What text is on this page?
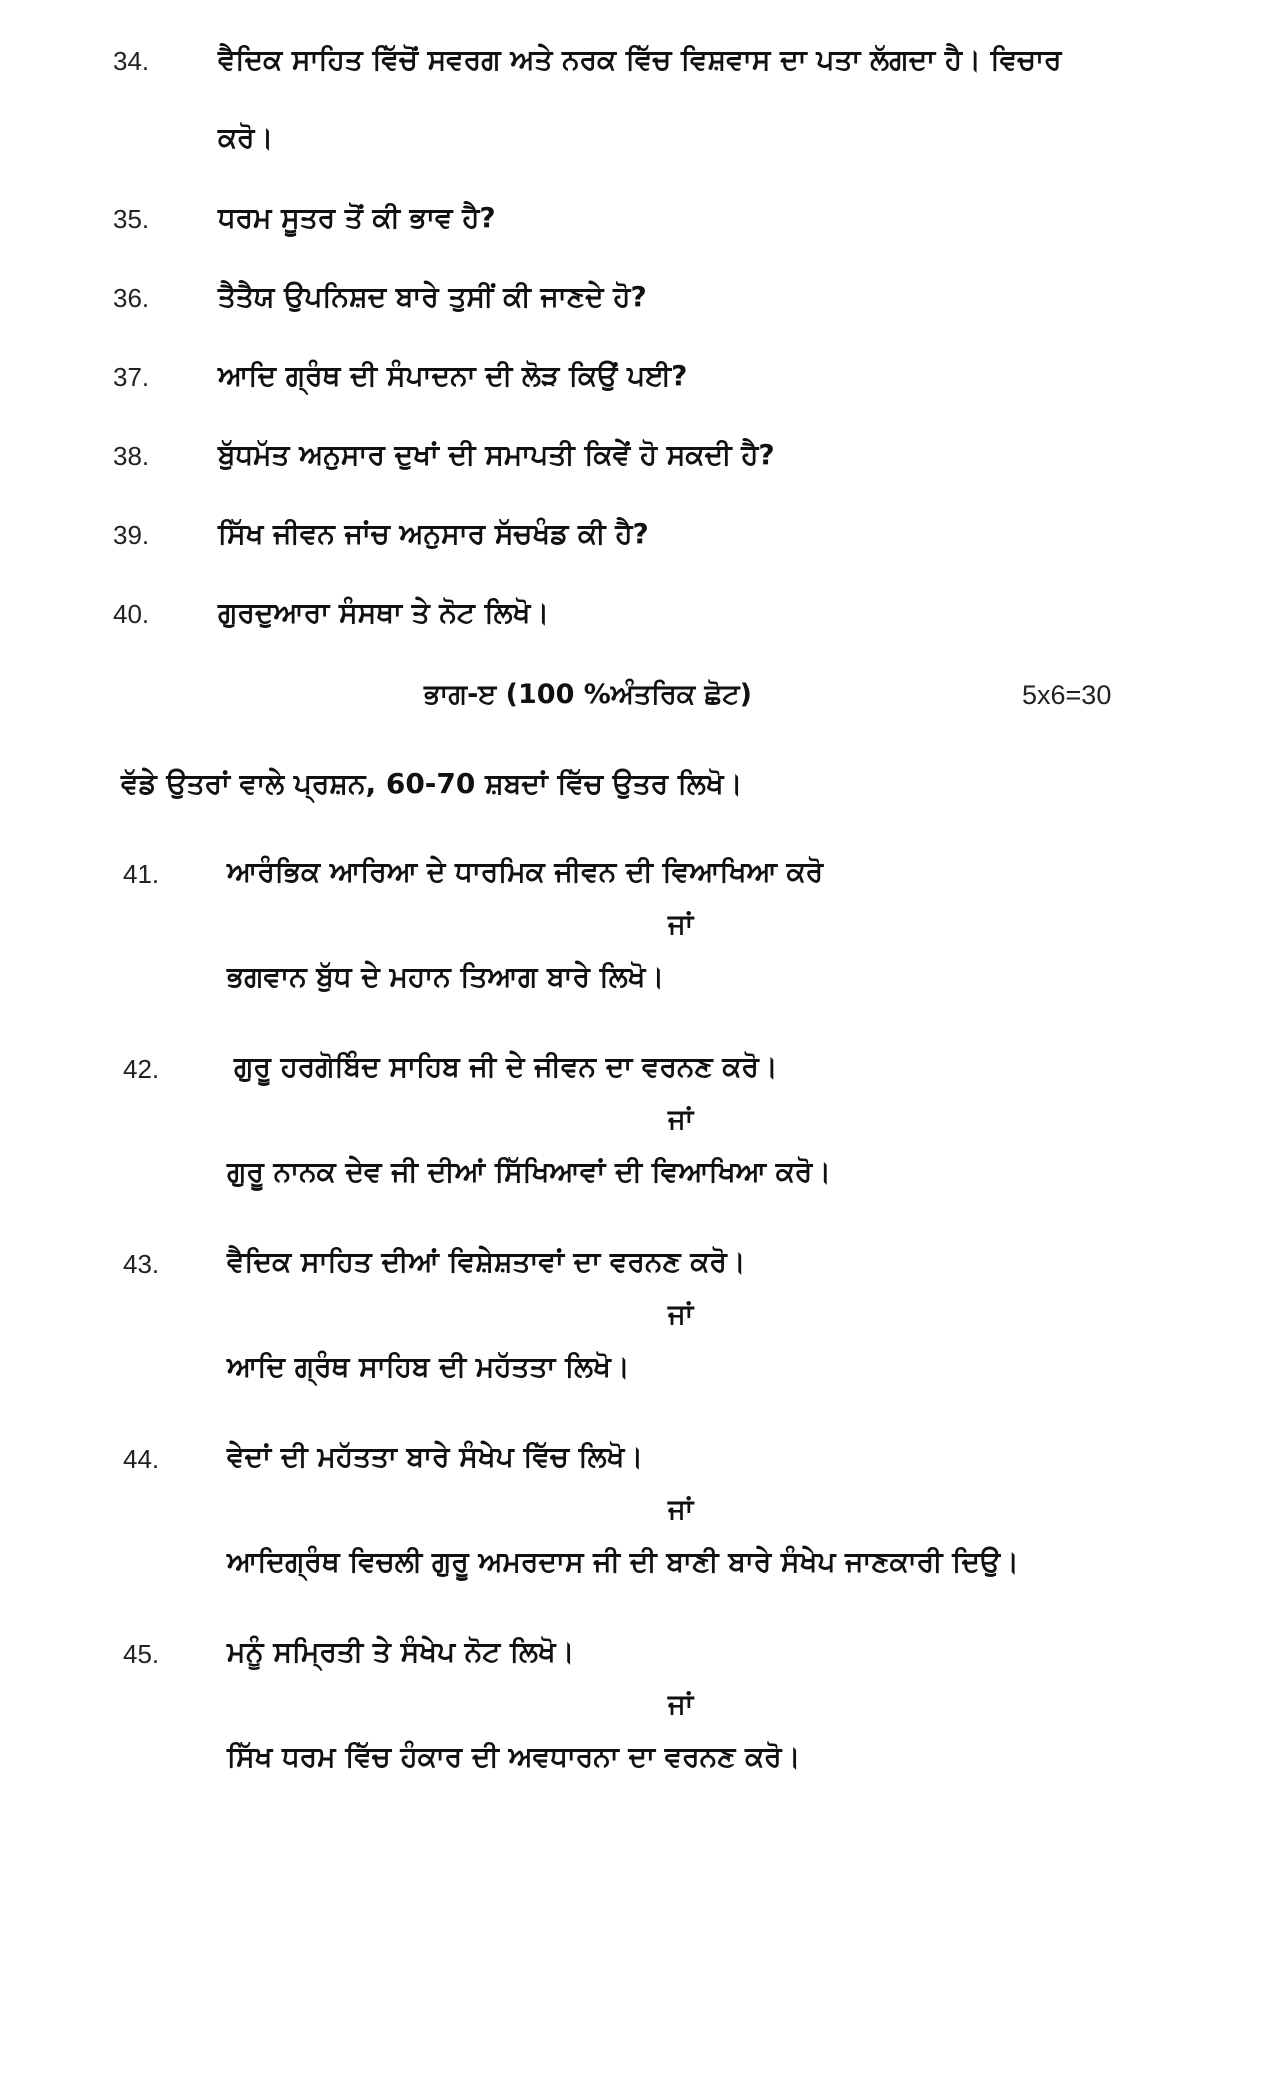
34. ਵੈਦਿਕ ਸਾਹਿਤ ਵਿੱਚੋਂ ਸਵਰਗ ਅਤੇ ਨਰਕ ਵਿੱਚ ਵਿਸ਼ਵਾਸ ਦਾ ਪਤਾ ਲੱਗਦਾ ਹੈ। ਵਿਚਾਰ
ਕਰੋ।
35. ਧਰਮ ਸੂਤਰ ਤੋਂ ਕੀ ਭਾਵ ਹੈ?
36. ਤੈਤੈਯ ਉਪਨਿਸ਼ਦ ਬਾਰੇ ਤੁਸੀਂ ਕੀ ਜਾਣਦੇ ਹੋ?
37. ਆਦਿ ਗ੍ਰੰਥ ਦੀ ਸੰਪਾਦਨਾ ਦੀ ਲੋੜ ਕਿਉਂ ਪਈ?
38. ਬੁੱਧਮੱਤ ਅਨੁਸਾਰ ਦੁਖਾਂ ਦੀ ਸਮਾਪਤੀ ਕਿਵੇਂ ਹੋ ਸਕਦੀ ਹੈ?
39. ਸਿੱਖ ਜੀਵਨ ਜਾਂਚ ਅਨੁਸਾਰ ਸੱਚਖੰਡ ਕੀ ਹੈ?
40. ਗੁਰਦੁਆਰਾ ਸੰਸਥਾ ਤੇ ਨੋਟ ਲਿਖੋ।
ਭਾਗ-ੲ (100 %ਅੰਤਰਿਕ ਛੋਟ)	5x6=30
ਵੱਡੇ ਉਤਰਾਂ ਵਾਲੇ ਪ੍ਰਸ਼ਨ, 60-70 ਸ਼ਬਦਾਂ ਵਿੱਚ ਉਤਰ ਲਿਖੋ।
41. ਆਰੰਭਿਕ ਆਰਿਆ ਦੇ ਧਾਰਮਿਕ ਜੀਵਨ ਦੀ ਵਿਆਖਿਆ ਕਰੋ
ਜਾਂ
ਭਗਵਾਨ ਬੁੱਧ ਦੇ ਮਹਾਨ ਤਿਆਗ ਬਾਰੇ ਲਿਖੋ।
42.	ਗੁਰੂ ਹਰਗੋਬਿੰਦ ਸਾਹਿਬ ਜੀ ਦੇ ਜੀਵਨ ਦਾ ਵਰਨਣ ਕਰੋ।
ਜਾਂ
ਗੁਰੂ ਨਾਨਕ ਦੇਵ ਜੀ ਦੀਆਂ ਸਿੱਖਿਆਵਾਂ ਦੀ ਵਿਆਖਿਆ ਕਰੋ।
43. ਵੈਦਿਕ ਸਾਹਿਤ ਦੀਆਂ ਵਿਸ਼ੇਸ਼ਤਾਵਾਂ ਦਾ ਵਰਨਣ ਕਰੋ।
ਜਾਂ
ਆਦਿ ਗ੍ਰੰਥ ਸਾਹਿਬ ਦੀ ਮਹੱਤਤਾ ਲਿਖੋ।
44. ਵੇਦਾਂ ਦੀ ਮਹੱਤਤਾ ਬਾਰੇ ਸੰਖੇਪ ਵਿੱਚ ਲਿਖੋ।
ਜਾਂ
ਆਦਿਗ੍ਰੰਥ ਵਿਚਲੀ ਗੁਰੂ ਅਮਰਦਾਸ ਜੀ ਦੀ ਬਾਣੀ ਬਾਰੇ ਸੰਖੇਪ ਜਾਣਕਾਰੀ ਦਿਉ।
45. ਮਨੂੰ ਸਮ੍ਰਿਤੀ ਤੇ ਸੰਖੇਪ ਨੋਟ ਲਿਖੋ।
ਜਾਂ
ਸਿੱਖ ਧਰਮ ਵਿੱਚ ਹੰਕਾਰ ਦੀ ਅਵਧਾਰਨਾ ਦਾ ਵਰਨਣ ਕਰੋ।
